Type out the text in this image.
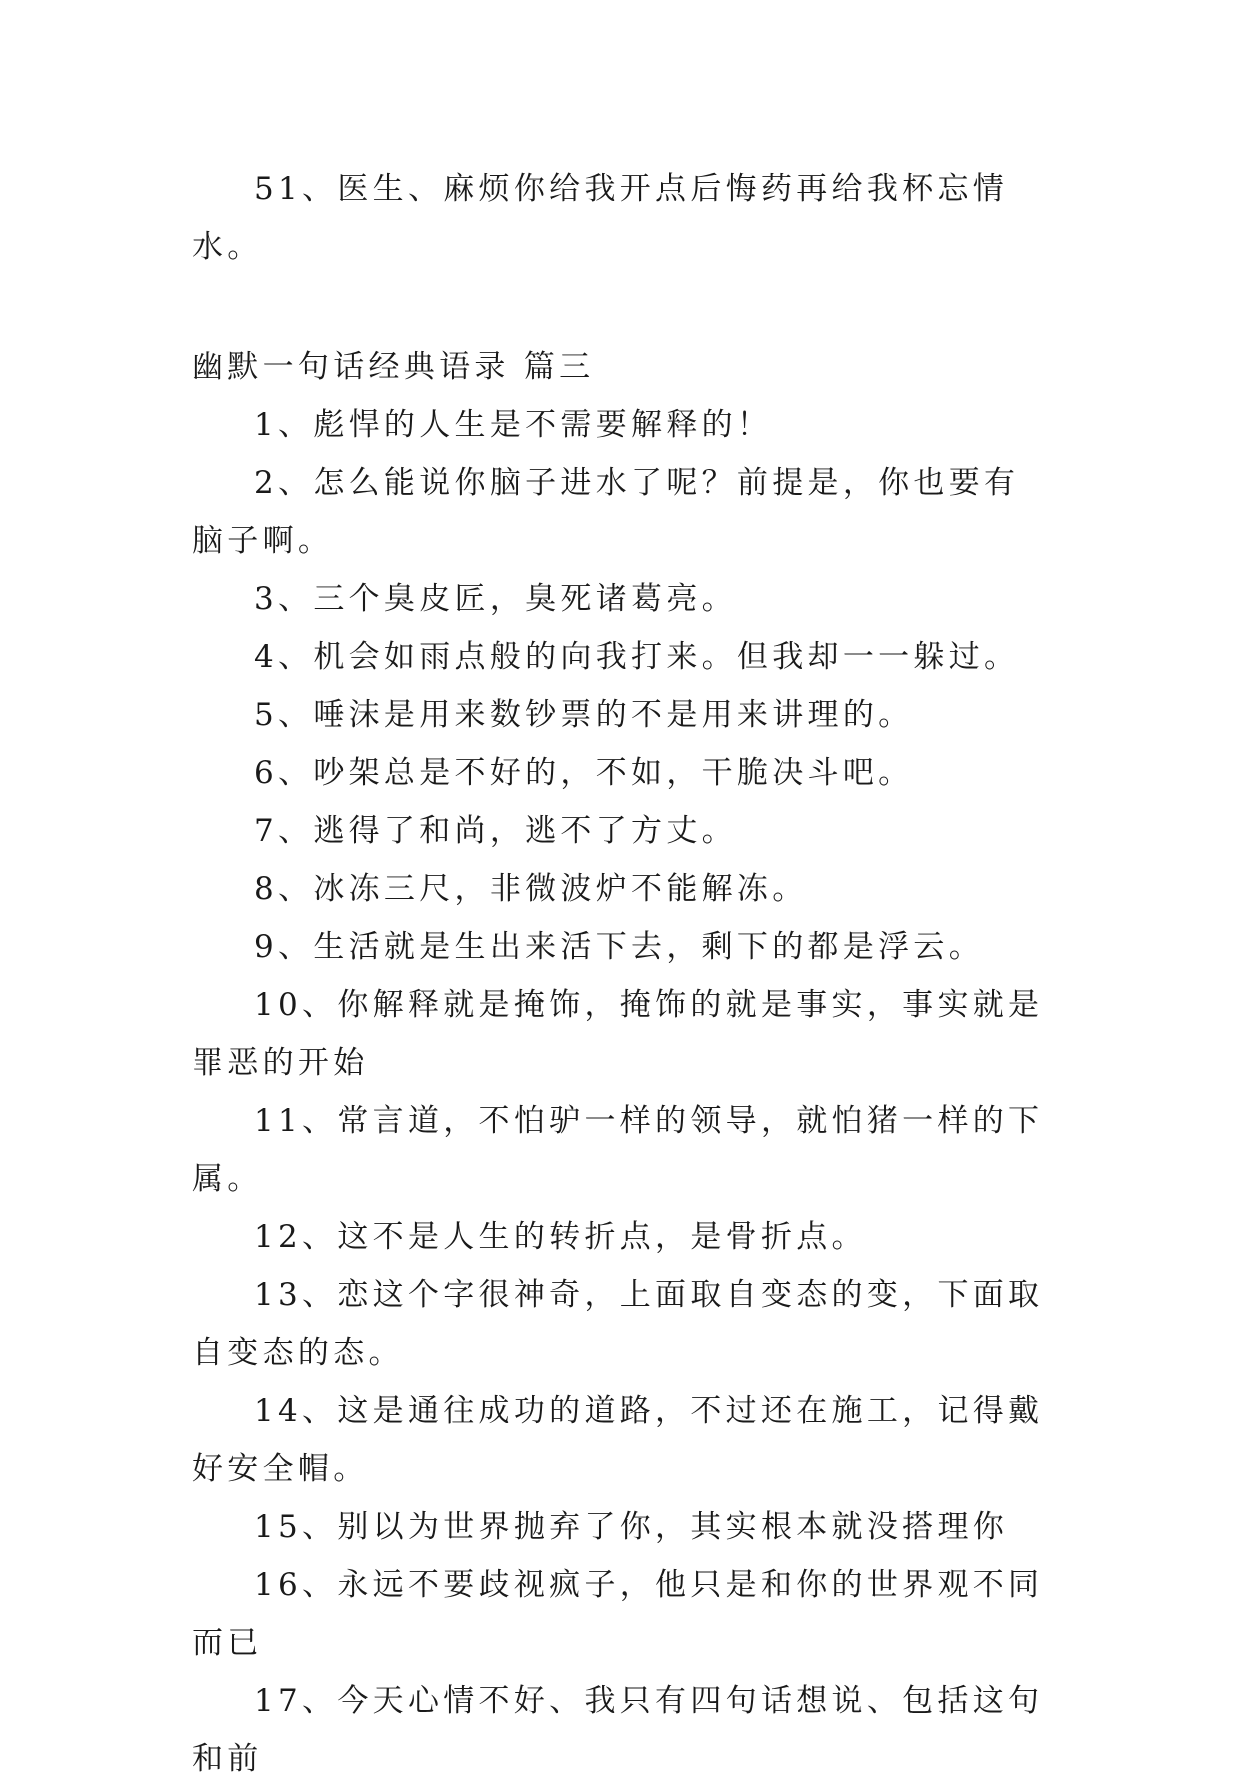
51、医生、麻烦你给我开点后悔药再给我杯忘情水。

幽默一句话经典语录 篇三

1、彪悍的人生是不需要解释的！

2、怎么能说你脑子进水了呢？前提是，你也要有脑子啊。

3、三个臭皮匠，臭死诸葛亮。

4、机会如雨点般的向我打来。但我却一一躲过。

5、唾沫是用来数钞票的不是用来讲理的。

6、吵架总是不好的，不如，干脆决斗吧。

7、逃得了和尚，逃不了方丈。

8、冰冻三尺，非微波炉不能解冻。

9、生活就是生出来活下去，剩下的都是浮云。

10、你解释就是掩饰，掩饰的就是事实，事实就是罪恶的开始

11、常言道，不怕驴一样的领导，就怕猪一样的下属。

12、这不是人生的转折点，是骨折点。

13、恋这个字很神奇，上面取自变态的变，下面取自变态的态。

14、这是通往成功的道路，不过还在施工，记得戴好安全帽。

15、别以为世界抛弃了你，其实根本就没搭理你

16、永远不要歧视疯子，他只是和你的世界观不同而已

17、今天心情不好、我只有四句话想说、包括这句和前
